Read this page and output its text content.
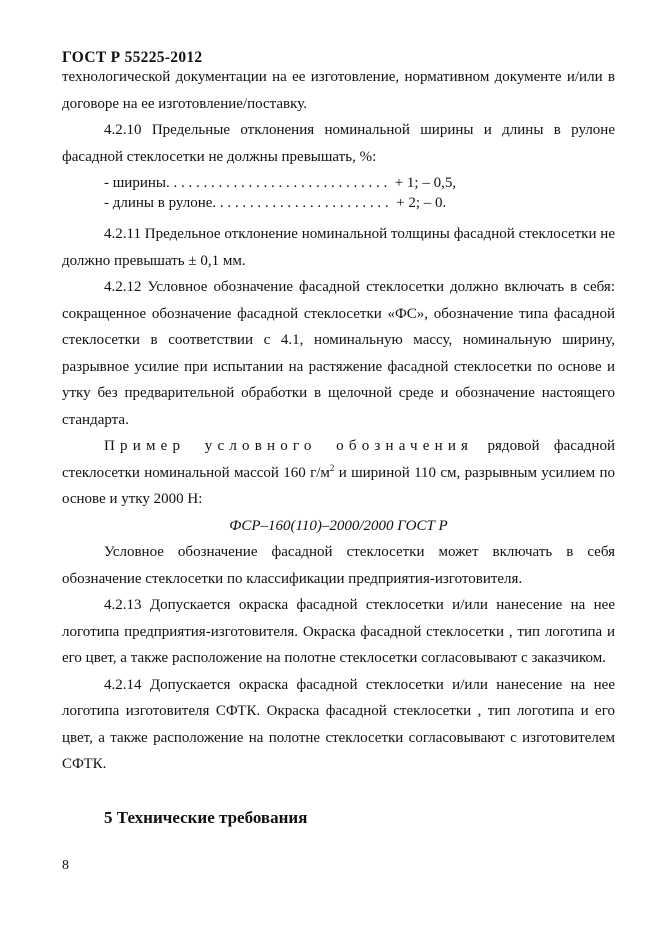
ГОСТ Р 55225-2012

технологической документации на ее изготовление, нормативном документе и/или в договоре на ее изготовление/поставку.

4.2.10 Предельные отклонения номинальной ширины и длины в рулоне фасадной стеклосетки не должны превышать, %:

- ширины. . . . . . . . . . . . . . . . . . . . . . . . . . . . . .  + 1; – 0,5,

- длины в рулоне. . . . . . . . . . . . . . . . . . . . . . . .  + 2; – 0.

4.2.11 Предельное отклонение номинальной толщины фасадной стеклосетки не должно превышать ± 0,1 мм.

4.2.12 Условное обозначение фасадной стеклосетки должно включать в себя: сокращенное обозначение фасадной стеклосетки «ФС», обозначение типа фасадной стеклосетки в соответствии с 4.1, номинальную массу, номинальную ширину, разрывное усилие при испытании на растяжение фасадной стеклосетки по основе и утку без предварительной обработки в щелочной среде и обозначение настоящего стандарта.

Пример условного обозначения рядовой фасадной стеклосетки номинальной массой 160 $г/м^2$ и шириной 110 см, разрывным усилием по основе и утку 2000 Н:

ФСР–160(110)–2000/2000 ГОСТ Р

Условное обозначение фасадной стеклосетки может включать в себя обозначение стеклосетки по классификации предприятия-изготовителя.

4.2.13 Допускается окраска фасадной стеклосетки и/или нанесение на нее логотипа предприятия-изготовителя. Окраска фасадной стеклосетки , тип логотипа и его цвет, а также расположение на полотне стеклосетки согласовывают с заказчиком.

4.2.14 Допускается окраска фасадной стеклосетки и/или нанесение на нее логотипа изготовителя СФТК. Окраска фасадной стеклосетки , тип логотипа и его цвет, а также расположение на полотне стеклосетки согласовывают с изготовителем СФТК.

5 Технические требования
8
